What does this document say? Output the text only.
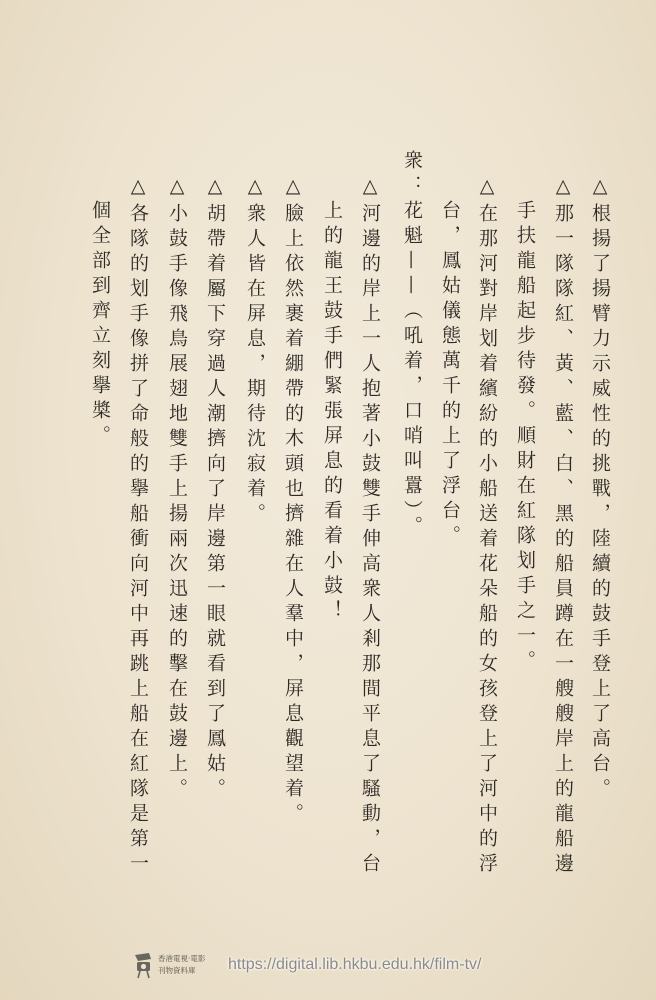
△根揚了揚臂力示威性的挑戰，陸續的鼓手登上了高台。
△那一隊隊紅、黃、藍、白、黑的船員蹲在一艘艘岸上的龍船邊
手扶龍船起步待發。順財在紅隊划手之一。
△在那河對岸划着繽紛的小船送着花朵船的女孩登上了河中的浮
台，鳳姑儀態萬千的上了浮台。
衆：花魁——（吼着，口哨叫囂）。
△河邊的岸上一人抱著小鼓雙手伸高衆人剎那間平息了騷動，台
上的龍王鼓手們緊張屏息的看着小鼓！
△臉上依然裹着綳帶的木頭也擠雜在人羣中，屏息觀望着。
△衆人皆在屏息，期待沈寂着。
△胡帶着屬下穿過人潮擠向了岸邊第一眼就看到了鳳姑。
△小鼓手像飛鳥展翅地雙手上揚兩次迅速的擊在鼓邊上。
△各隊的划手像拼了命般的擧船衝向河中再跳上船在紅隊是第一
個全部到齊立刻擧槳。
香港電視·電影
刊物資料庫	https://digital.lib.hkbu.edu.hk/film-tv/
